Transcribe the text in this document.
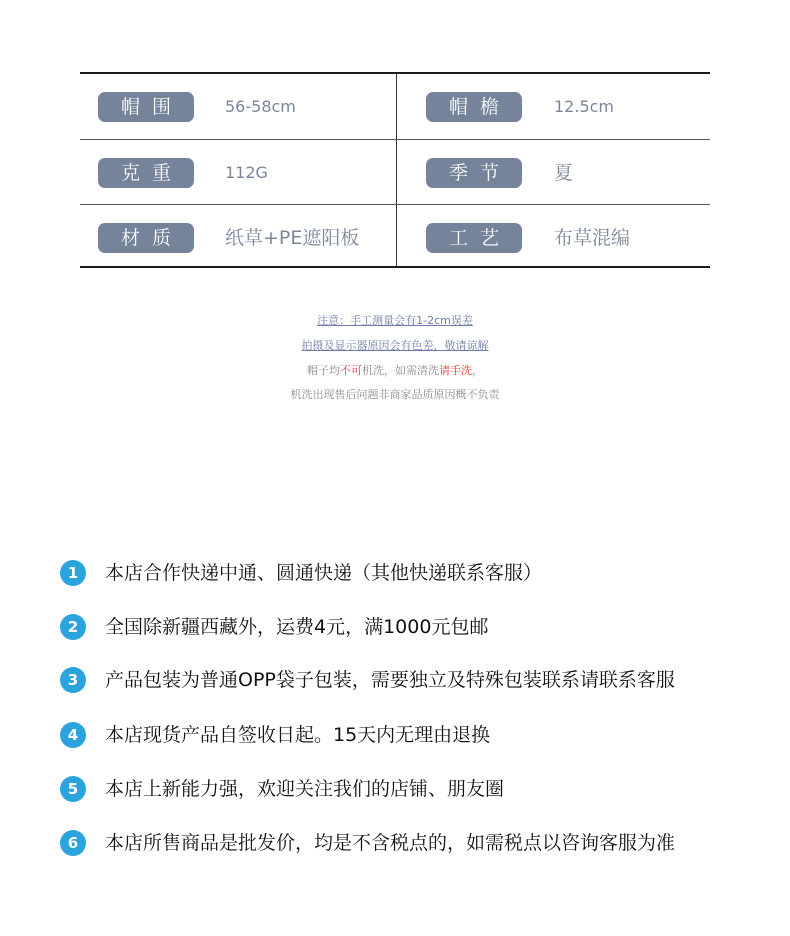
帽围	56-58cm	帽檐	12.5cm
克重	112G	季节	夏
材质	纸草+PE遮阳板	工艺	布草混编
注意：手工测量会有1-2cm误差
拍摄及显示器原因会有色差，敬请谅解
帽子均不可机洗，如需清洗请手洗，
机洗出现售后问题非商家品质原因概不负责
1	本店合作快递中通、圆通快递（其他快递联系客服）
2	全国除新疆西藏外，运费4元，满1000元包邮
3	产品包装为普通OPP袋子包装，需要独立及特殊包装联系请联系客服
4	本店现货产品自签收日起。15天内无理由退换
5	本店上新能力强，欢迎关注我们的店铺、朋友圈
6	本店所售商品是批发价，均是不含税点的，如需税点以咨询客服为准
